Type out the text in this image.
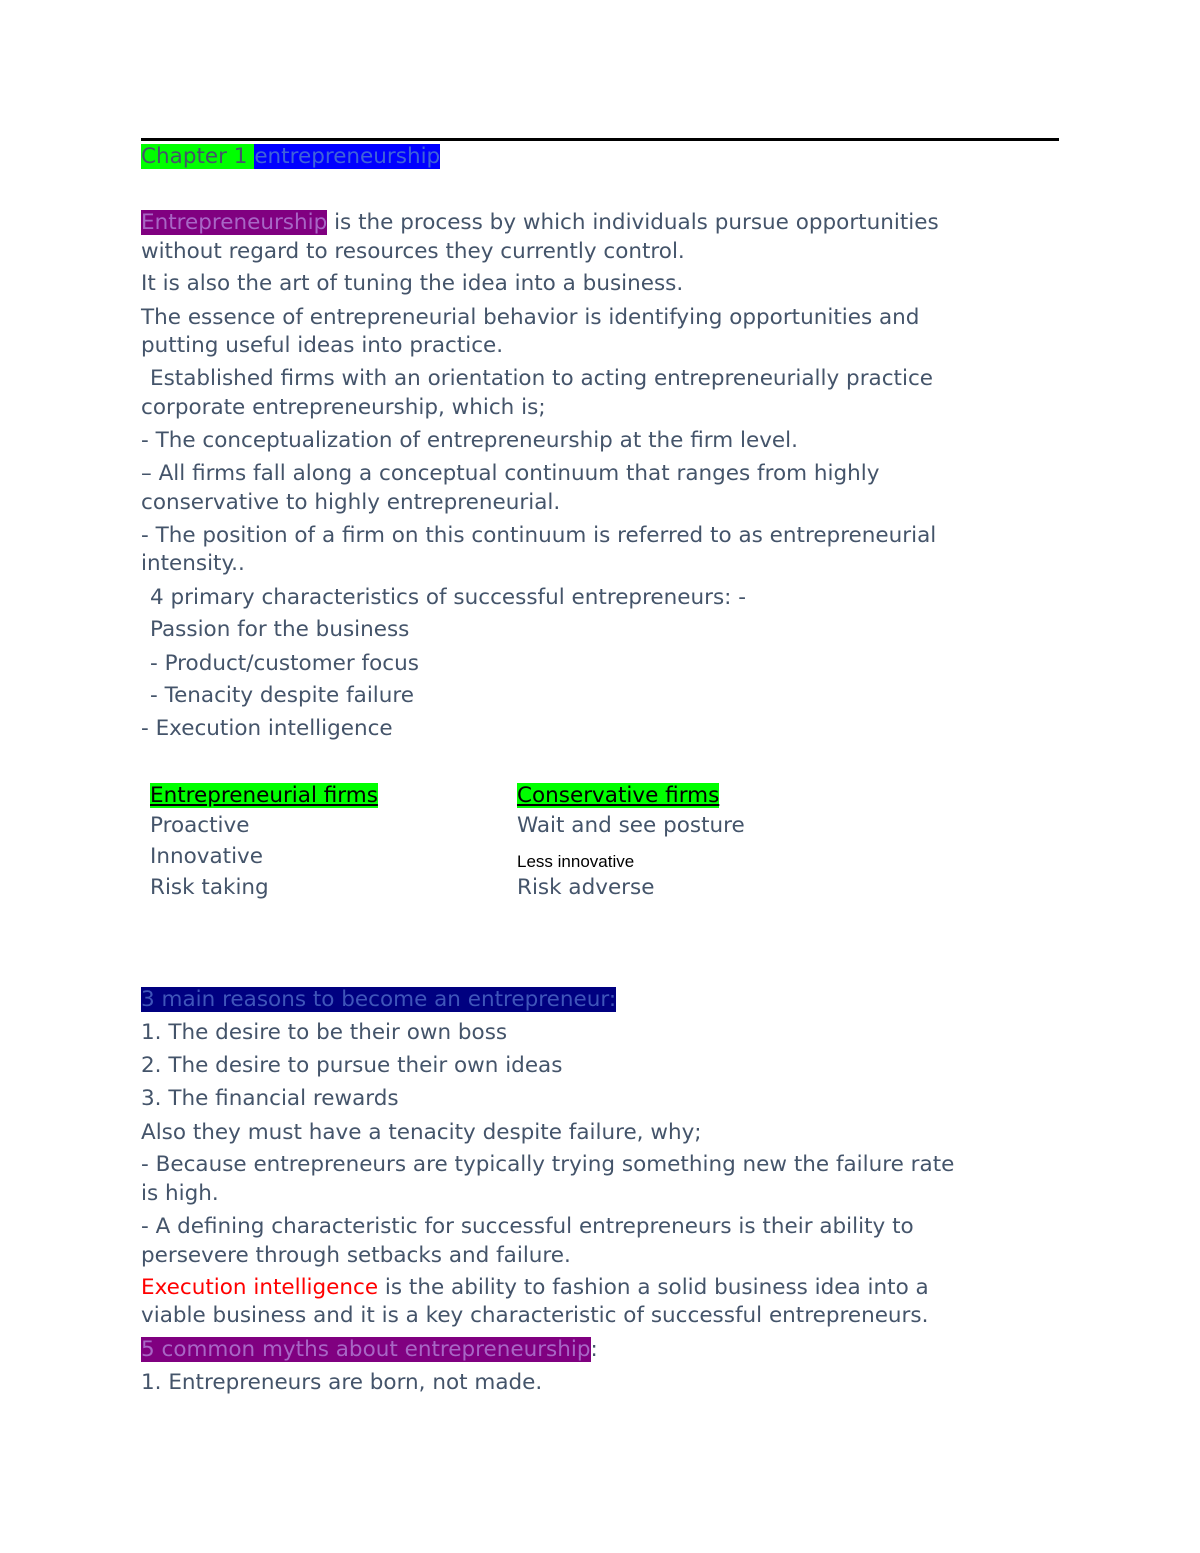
Chapter 1 entrepreneurship
Entrepreneurship is the process by which individuals pursue opportunities
without regard to resources they currently control.
It is also the art of tuning the idea into a business.
The essence of entrepreneurial behavior is identifying opportunities and
putting useful ideas into practice.
Established firms with an orientation to acting entrepreneurially practice
corporate entrepreneurship, which is;
- The conceptualization of entrepreneurship at the firm level.
– All firms fall along a conceptual continuum that ranges from highly
conservative to highly entrepreneurial.
- The position of a firm on this continuum is referred to as entrepreneurial
intensity..
4 primary characteristics of successful entrepreneurs: -
Passion for the business
- Product/customer focus
- Tenacity despite failure
- Execution intelligence
Entrepreneurial firms	Conservative firms
Proactive
Innovative
Risk taking
Wait and see posture
Less innovative
Risk adverse
3 main reasons to become an entrepreneur:
1. The desire to be their own boss
2. The desire to pursue their own ideas
3. The financial rewards
Also they must have a tenacity despite failure, why;
- Because entrepreneurs are typically trying something new the failure rate
is high.
- A defining characteristic for successful entrepreneurs is their ability to
persevere through setbacks and failure.
Execution intelligence is the ability to fashion a solid business idea into a
viable business and it is a key characteristic of successful entrepreneurs.
5 common myths about entrepreneurship:
1. Entrepreneurs are born, not made.
